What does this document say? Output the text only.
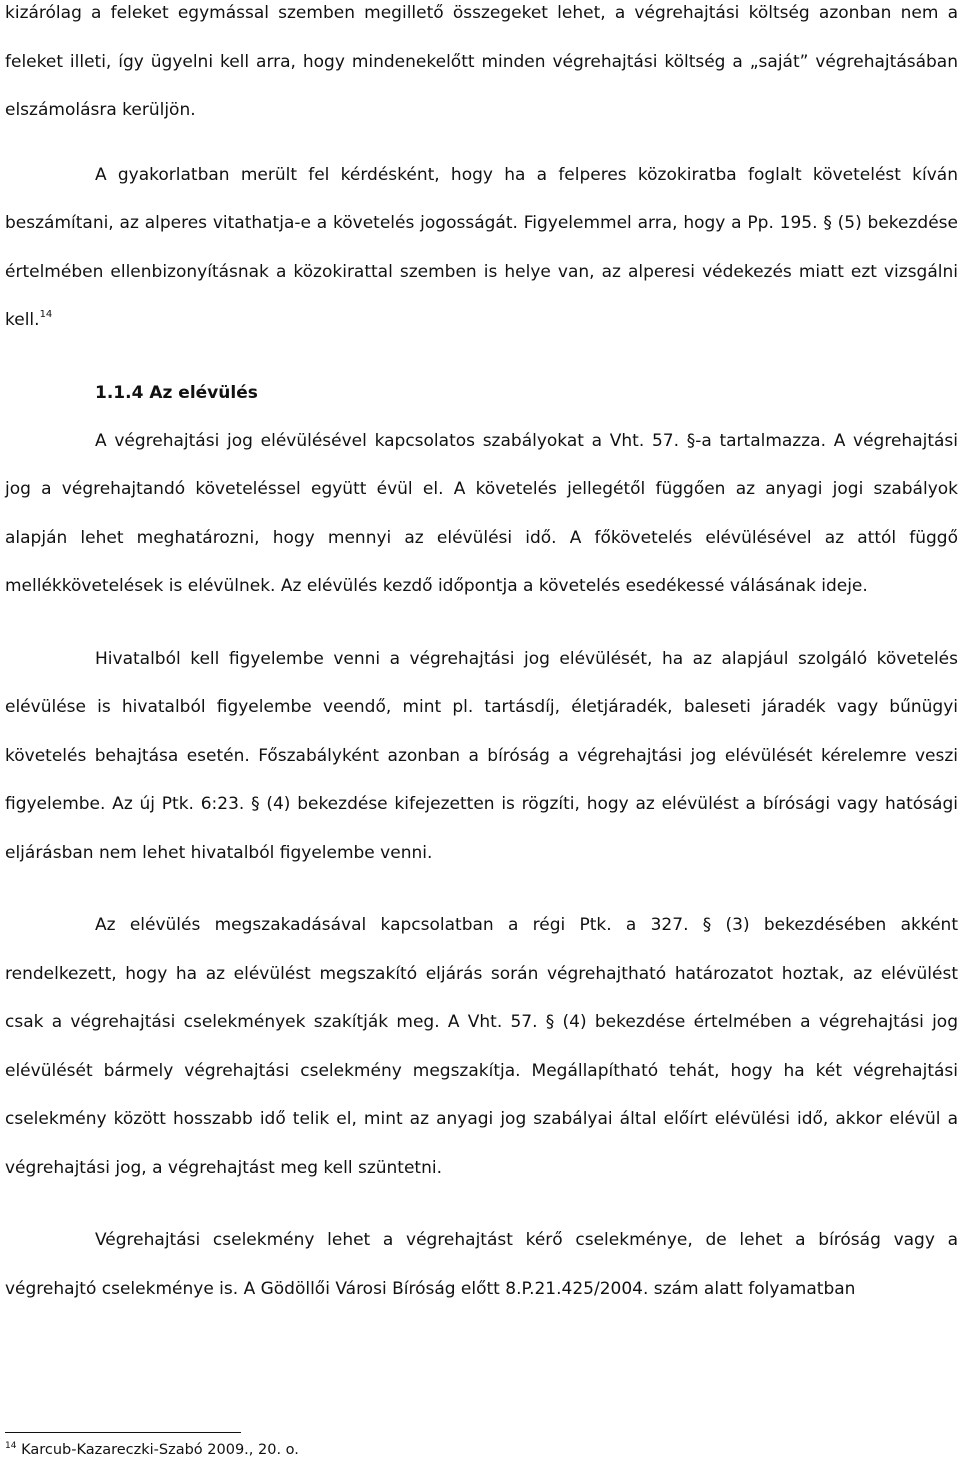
kizárólag a feleket egymással szemben megillető összegeket lehet, a végrehajtási költség azonban nem a feleket illeti, így ügyelni kell arra, hogy mindenekelőtt minden végrehajtási költség a „saját” végrehajtásában elszámolásra kerüljön.

A gyakorlatban merült fel kérdésként, hogy ha a felperes közokiratba foglalt követelést kíván beszámítani, az alperes vitathatja-e a követelés jogosságát. Figyelemmel arra, hogy a Pp. 195. § (5) bekezdése értelmében ellenbizonyításnak a közokirattal szemben is helye van, az alperesi védekezés miatt ezt vizsgálni kell.$^{14}$

1.1.4 Az elévülés

A végrehajtási jog elévülésével kapcsolatos szabályokat a Vht. 57. §-a tartalmazza. A végrehajtási jog a végrehajtandó követeléssel együtt évül el. A követelés jellegétől függően az anyagi jogi szabályok alapján lehet meghatározni, hogy mennyi az elévülési idő. A főkövetelés elévülésével az attól függő mellékkövetelések is elévülnek. Az elévülés kezdő időpontja a követelés esedékessé válásának ideje.

Hivatalból kell figyelembe venni a végrehajtási jog elévülését, ha az alapjául szolgáló követelés elévülése is hivatalból figyelembe veendő, mint pl. tartásdíj, életjáradék, baleseti járadék vagy bűnügyi követelés behajtása esetén. Főszabályként azonban a bíróság a végrehajtási jog elévülését kérelemre veszi figyelembe. Az új Ptk. 6:23. § (4) bekezdése kifejezetten is rögzíti, hogy az elévülést a bírósági vagy hatósági eljárásban nem lehet hivatalból figyelembe venni.

Az elévülés megszakadásával kapcsolatban a régi Ptk. a 327. § (3) bekezdésében akként rendelkezett, hogy ha az elévülést megszakító eljárás során végrehajtható határozatot hoztak, az elévülést csak a végrehajtási cselekmények szakítják meg. A Vht. 57. § (4) bekezdése értelmében a végrehajtási jog elévülését bármely végrehajtási cselekmény megszakítja. Megállapítható tehát, hogy ha két végrehajtási cselekmény között hosszabb idő telik el, mint az anyagi jog szabályai által előírt elévülési idő, akkor elévül a végrehajtási jog, a végrehajtást meg kell szüntetni.

Végrehajtási cselekmény lehet a végrehajtást kérő cselekménye, de lehet a bíróság vagy a végrehajtó cselekménye is. A Gödöllői Városi Bíróság előtt 8.P.21.425/2004. szám alatt folyamatban

$^{14}$ Karcub-Kazareczki-Szabó 2009., 20. o.
